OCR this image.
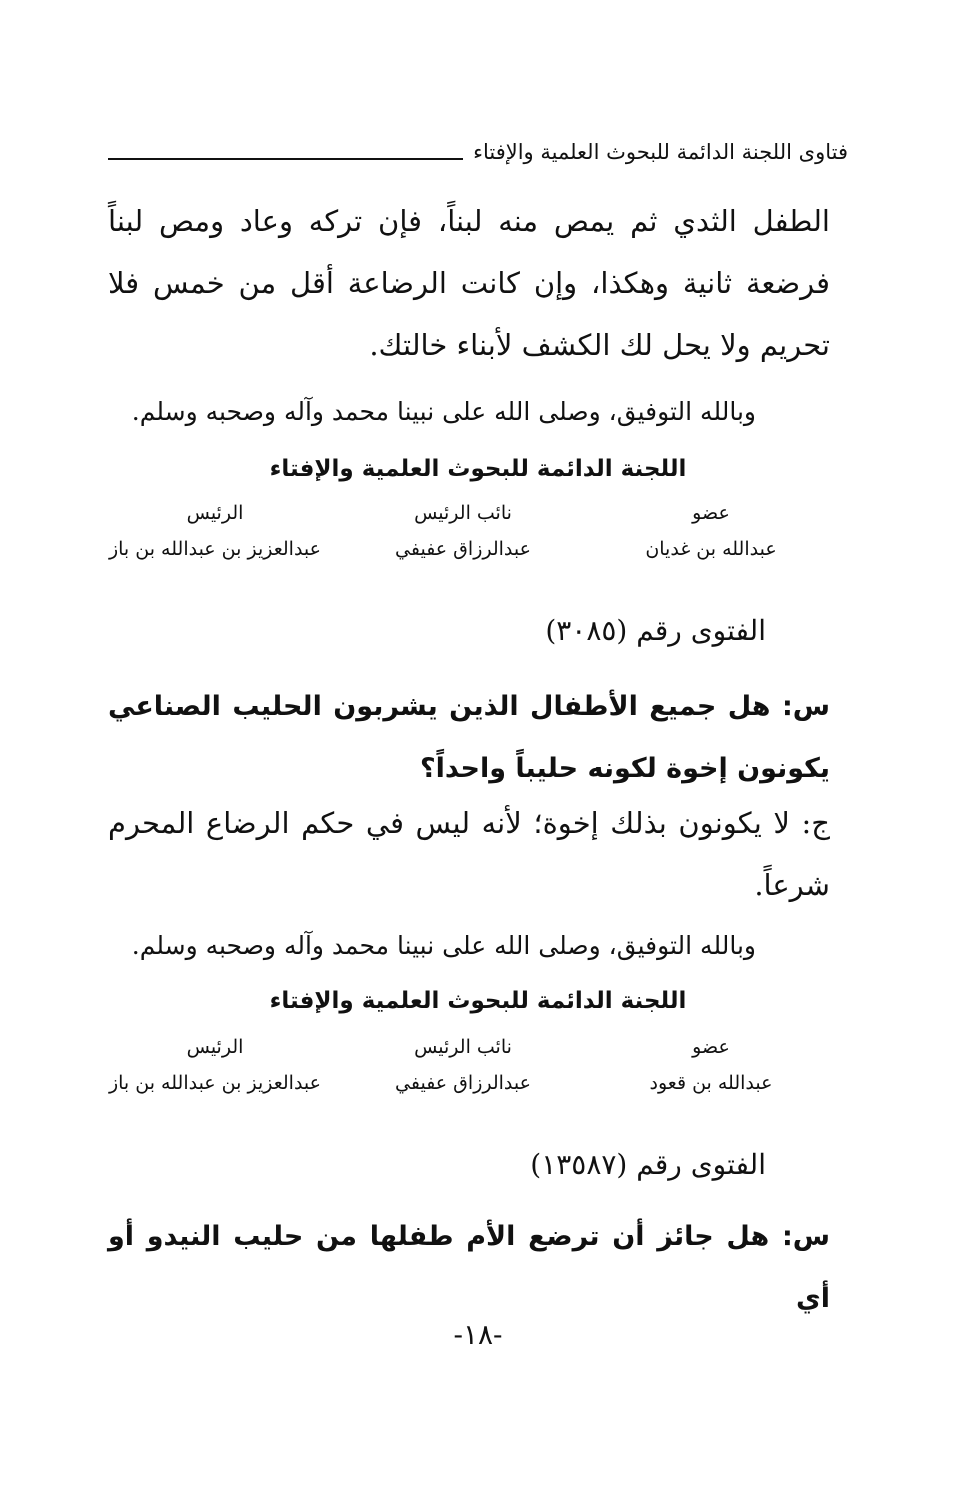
فتاوى اللجنة الدائمة للبحوث العلمية والإفتاء
الطفل الثدي ثم يمص منه لبناً، فإن تركه وعاد ومص لبناً فرضعة ثانية وهكذا، وإن كانت الرضاعة أقل من خمس فلا تحريم ولا يحل لك الكشف لأبناء خالتك.
وبالله التوفيق، وصلى الله على نبينا محمد وآله وصحبه وسلم.
اللجنة الدائمة للبحوث العلمية والإفتاء
عضو
عبدالله بن غديان
نائب الرئيس
عبدالرزاق عفيفي
الرئيس
عبدالعزيز بن عبدالله بن باز
الفتوى رقم (٣٠٨٥)
س: هل جميع الأطفال الذين يشربون الحليب الصناعي يكونون إخوة لكونه حليباً واحداً؟
ج: لا يكونون بذلك إخوة؛ لأنه ليس في حكم الرضاع المحرم شرعاً.
وبالله التوفيق، وصلى الله على نبينا محمد وآله وصحبه وسلم.
اللجنة الدائمة للبحوث العلمية والإفتاء
عضو
عبدالله بن قعود
نائب الرئيس
عبدالرزاق عفيفي
الرئيس
عبدالعزيز بن عبدالله بن باز
الفتوى رقم (١٣٥٨٧)
س: هل جائز أن ترضع الأم طفلها من حليب النيدو أو أي
-١٨-
